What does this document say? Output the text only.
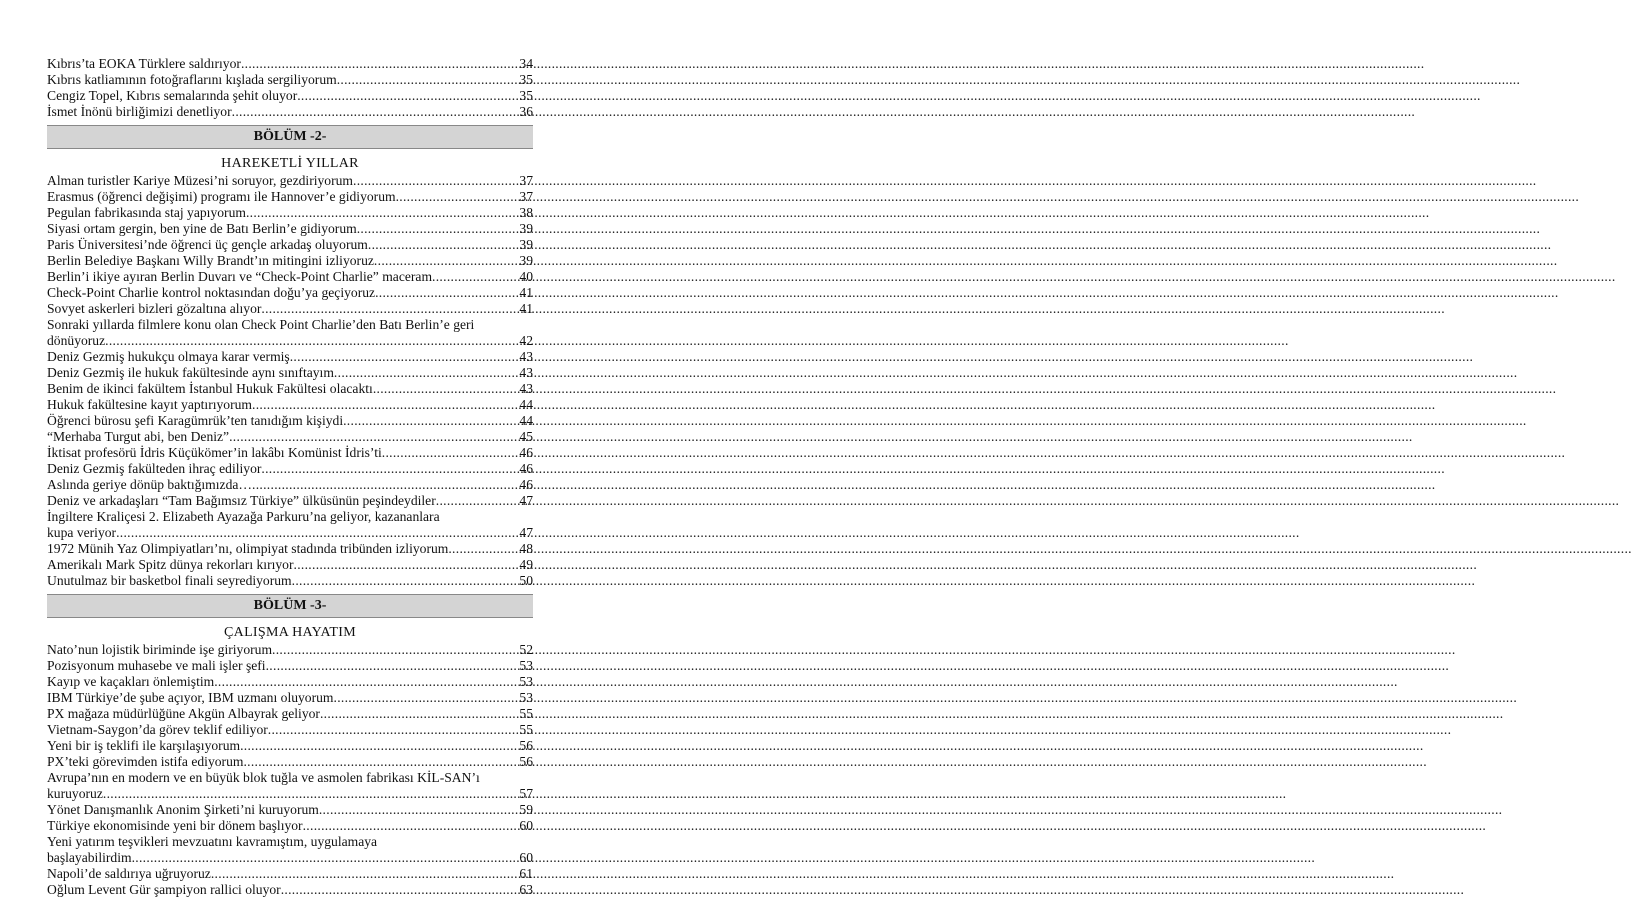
Kıbrıs’ta EOKA Türklere saldırıyor .....	34
Kıbrıs katliamının fotoğraflarını kışlada sergiliyorum .....	35
Cengiz Topel, Kıbrıs semalarında şehit oluyor .....	35
İsmet İnönü birliğimizi denetliyor .....	36
BÖLÜM -2-
HAREKETLİ YILLAR
Alman turistler Kariye Müzesi’ni soruyor, gezdiriyorum .....	37
Erasmus (öğrenci değişimi) programı ile Hannover’e gidiyorum .....	37
Pegulan fabrikasında staj yapıyorum .....	38
Siyasi ortam gergin, ben yine de Batı Berlin’e gidiyorum .....	39
Paris Üniversitesi’nde öğrenci üç gençle arkadaş oluyorum .....	39
Berlin Belediye Başkanı Willy Brandt’ın mitingini izliyoruz .....	39
Berlin’i ikiye ayıran Berlin Duvarı ve “Check-Point Charlie” maceram .....	40
Check-Point Charlie kontrol noktasından doğu’ya geçiyoruz .....	41
Sovyet askerleri bizleri gözaltına alıyor .....	41
Sonraki yıllarda filmlere konu olan Check Point Charlie’den Batı Berlin’e geri
dönüyoruz .....	42
Deniz Gezmiş hukukçu olmaya karar vermiş .....	43
Deniz Gezmiş ile hukuk fakültesinde aynı sınıftayım .....	43
Benim de ikinci fakültem İstanbul Hukuk Fakültesi olacaktı .....	43
Hukuk fakültesine kayıt yaptırıyorum .....	44
Öğrenci bürosu şefi Karagümrük’ten tanıdığım kişiydi .....	44
“Merhaba Turgut abi, ben Deniz” .....	45
İktisat profesörü İdris Küçükömer’in lakâbı Komünist İdris’ti .....	46
Deniz Gezmiş fakülteden ihraç ediliyor .....	46
Aslında geriye dönüp baktığımızda… .....	46
Deniz ve arkadaşları “Tam Bağımsız Türkiye” ülküsünün peşindeydiler .....	47
İngiltere Kraliçesi 2. Elizabeth Ayazağa Parkuru’na geliyor, kazananlara
kupa veriyor .....	47
1972 Münih Yaz Olimpiyatları’nı, olimpiyat stadında tribünden izliyorum .....	48
Amerikalı Mark Spitz dünya rekorları kırıyor .....	49
Unutulmaz bir basketbol finali seyrediyorum .....	50
BÖLÜM -3-
ÇALIŞMA HAYATIM
Nato’nun lojistik biriminde işe giriyorum .....	52
Pozisyonum muhasebe ve mali işler şefi .....	53
Kayıp ve kaçakları önlemiştim .....	53
IBM Türkiye’de şube açıyor, IBM uzmanı oluyorum .....	53
PX mağaza müdürlüğüne Akgün Albayrak geliyor .....	55
Vietnam-Saygon’da görev teklif ediliyor .....	55
Yeni bir iş teklifi ile karşılaşıyorum .....	56
PX’teki görevimden istifa ediyorum .....	56
Avrupa’nın en modern ve en büyük blok tuğla ve asmolen fabrikası KİL-SAN’ı
kuruyoruz .....	57
Yönet Danışmanlık Anonim Şirketi’ni kuruyorum .....	59
Türkiye ekonomisinde yeni bir dönem başlıyor .....	60
Yeni yatırım teşvikleri mevzuatını kavramıştım, uygulamaya
başlayabilirdim .....	60
Napoli’de saldırıya uğruyoruz .....	61
Oğlum Levent Gür şampiyon rallici oluyor .....	63
